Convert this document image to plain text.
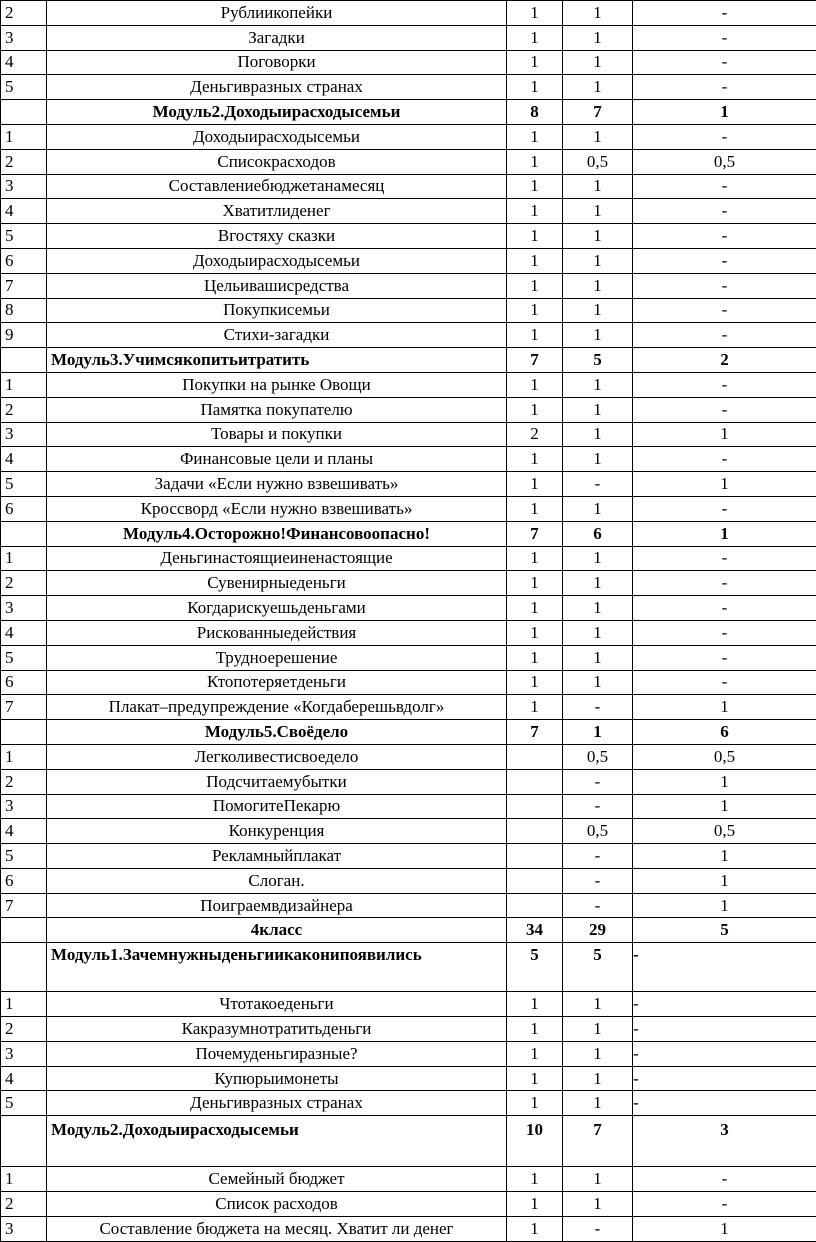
2	Рублиикопейки	1	1	-
3	Загадки	1	1	-
4	Поговорки	1	1	-
5	Деньгивразных странах	1	1	-
	Модуль2.Доходыирасходысемьи	8	7	1
1	Доходыирасходысемьи	1	1	-
2	Списокрасходов	1	0,5	0,5
3	Составлениебюджетанамесяц	1	1	-
4	Хватитлиденег	1	1	-
5	Вгостяху сказки	1	1	-
6	Доходыирасходысемьи	1	1	-
7	Цельивашисредства	1	1	-
8	Покупкисемьи	1	1	-
9	Стихи-загадки	1	1	-
	Модуль3.Учимсякопитьитратить	7	5	2
1	Покупки на рынке Овощи	1	1	-
2	Памятка покупателю	1	1	-
3	Товары и покупки	2	1	1
4	Финансовые цели и планы	1	1	-
5	Задачи «Если нужно взвешивать»	1	-	1
6	Кроссворд «Если нужно взвешивать»	1	1	-
	Модуль4.Осторожно!Финансовоопасно!	7	6	1
1	Деньгинастоящиеиненастоящие	1	1	-
2	Сувенирныеденьги	1	1	-
3	Когдарискуешьденьгами	1	1	-
4	Рискованныедействия	1	1	-
5	Трудноерешение	1	1	-
6	Ктопотеряетденьги	1	1	-
7	Плакат–предупреждение «Когдаберешьвдолг»	1	-	1
	Модуль5.Своёдело	7	1	6
1	Легколивестисвоедело		0,5	0,5
2	Подсчитаемубытки		-	1
3	ПомогитеПекарю		-	1
4	Конкуренция		0,5	0,5
5	Рекламныйплакат		-	1
6	Слоган.		-	1
7	Поиграемвдизайнера		-	1
	4класс	34	29	5
	Модуль1.Зачемнужныденьгиикаконипоявились	5	5	-
1	Чтотакоеденьги	1	1	-
2	Какразумнотратитьденьги	1	1	-
3	Почемуденьгиразные?	1	1	-
4	Купюрыимонеты	1	1	-
5	Деньгивразных странах	1	1	-
	Модуль2.Доходыирасходысемьи	10	7	3
1	Семейный бюджет	1	1	-
2	Список расходов	1	1	-
3	Составление бюджета на месяц. Хватит ли денег	1	-	1
